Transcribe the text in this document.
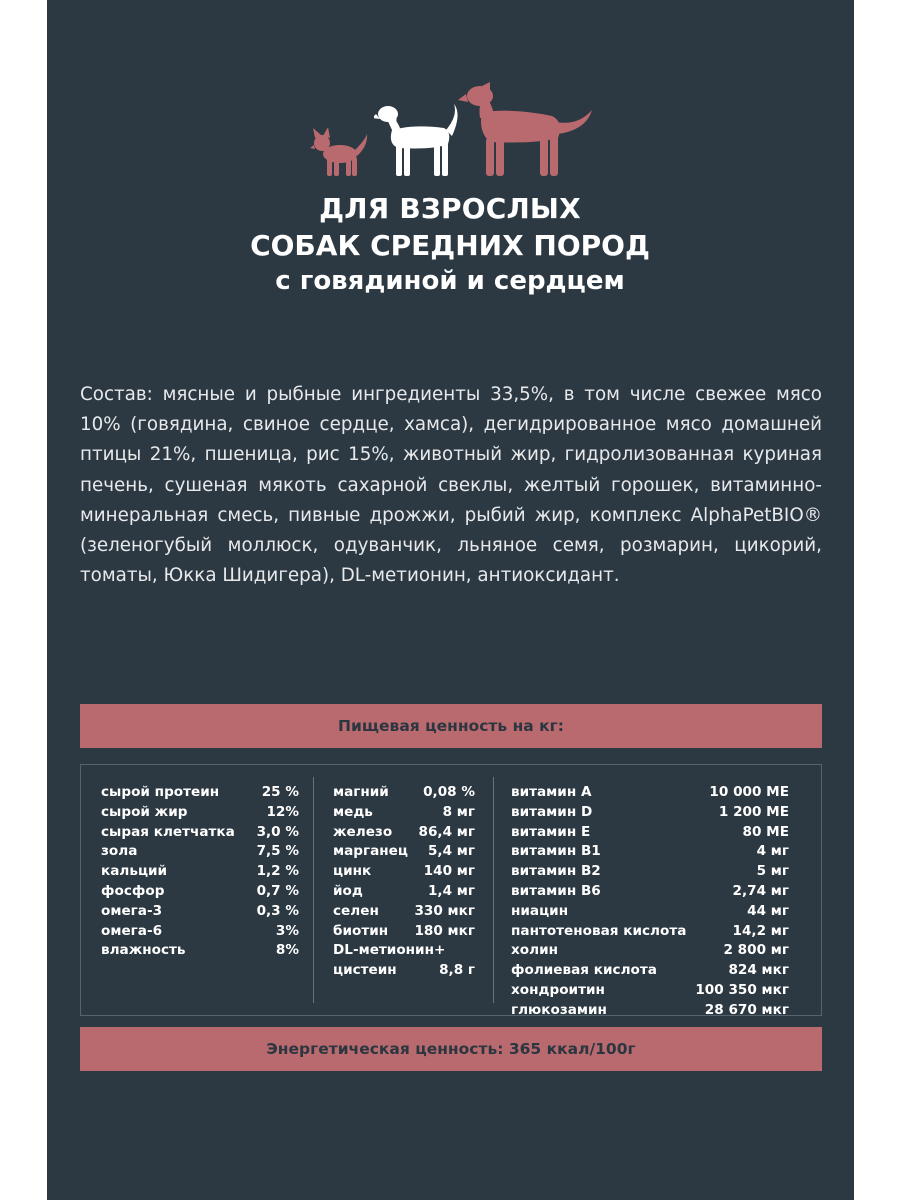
ДЛЯ ВЗРОСЛЫХ
СОБАК СРЕДНИХ ПОРОД
с говядиной и сердцем

Состав: мясные и рыбные ингредиенты 33,5%, в том числе свежее мясо 10% (говядина, свиное сердце, хамса), дегидрированное мясо домашней птицы 21%, пшеница, рис 15%, животный жир, гидролизованная куриная печень, сушеная мякоть сахарной свеклы, желтый горошек, витаминно-минеральная смесь, пивные дрожжи, рыбий жир, комплекс AlphaPetBIO® (зеленогубый моллюск, одуванчик, льняное семя, розмарин, цикорий, томаты, Юкка Шидигера), DL-метионин, антиоксидант.

Пищевая ценность на кг:
сырой протеин	25 %
сырой жир	12%
сырая клетчатка 3,0 %
зола	7,5 %
кальций	1,2 %
фосфор	0,7 %
омега-3	0,3 %
омега-6	3%
влажность	8%
магний	0,08 %
медь	8 мг
железо 86,4 мг
марганец 5,4 мг
цинк	140 мг
йод	1,4 мг
селен	330 мкг
биотин 180 мкг
DL-метионин+
цистеин	8,8 г
витамин А	10 000 МЕ
витамин D	1 200 МЕ
витамин Е	80 МЕ
витамин В1	4 мг
витамин В2	5 мг
витамин В6	2,74 мг
ниацин	44 мг
пантотеновая кислота	14,2 мг
холин	2 800 мг
фолиевая кислота	824 мкг
хондроитин	100 350 мкг
глюкозамин	28 670 мкг
Энергетическая ценность: 365 ккал/100г
